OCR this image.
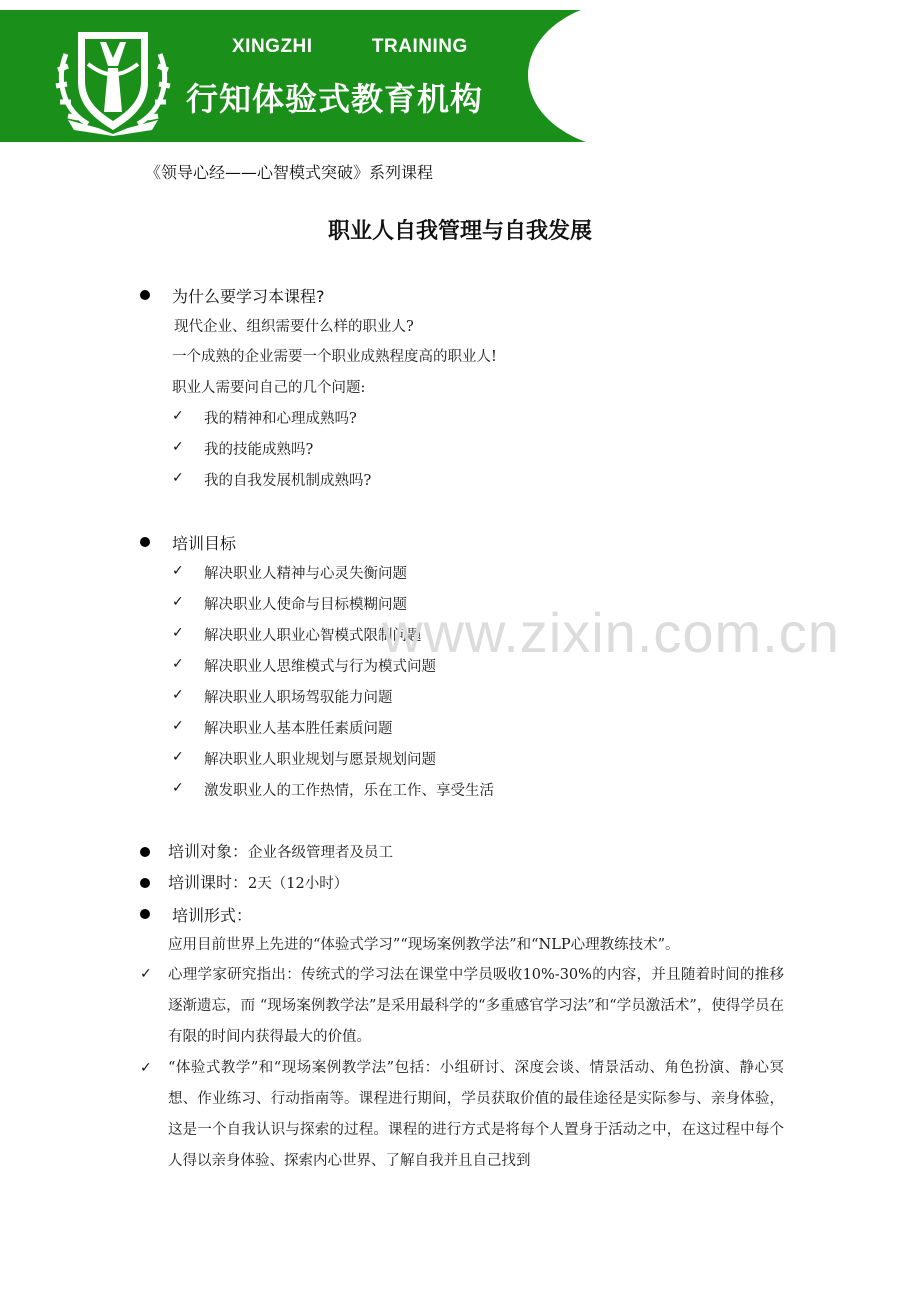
XINGZHI   TRAINING
行知体验式教育机构
《领导心经——心智模式突破》系列课程
职业人自我管理与自我发展
为什么要学习本课程?
现代企业、组织需要什么样的职业人?
一个成熟的企业需要一个职业成熟程度高的职业人!
职业人需要问自己的几个问题:
✓ 我的精神和心理成熟吗?
✓ 我的技能成熟吗?
✓ 我的自我发展机制成熟吗?
培训目标
✓ 解决职业人精神与心灵失衡问题
✓ 解决职业人使命与目标模糊问题
✓ 解决职业人职业心智模式限制问题
✓ 解决职业人思维模式与行为模式问题
✓ 解决职业人职场驾驭能力问题
✓ 解决职业人基本胜任素质问题
✓ 解决职业人职业规划与愿景规划问题
✓ 激发职业人的工作热情，乐在工作、享受生活
www.zixin.com.cn
培训对象：企业各级管理者及员工
培训课时：2天（12小时）
培训形式：
应用目前世界上先进的“体验式学习”“现场案例教学法”和“NLP心理教练技术”。
✓ 心理学家研究指出：传统式的学习法在课堂中学员吸收10%-30%的内容，并且随着时间的推移逐渐遗忘，而 “现场案例教学法”是采用最科学的“多重感官学习法”和“学员激活术”，使得学员在有限的时间内获得最大的价值。
✓ “体验式教学”和“现场案例教学法”包括：小组研讨、深度会谈、情景活动、角色扮演、静心冥想、作业练习、行动指南等。课程进行期间，学员获取价值的最佳途径是实际参与、亲身体验，这是一个自我认识与探索的过程。课程的进行方式是将每个人置身于活动之中，在这过程中每个人得以亲身体验、探索内心世界、了解自我并且自己找到
